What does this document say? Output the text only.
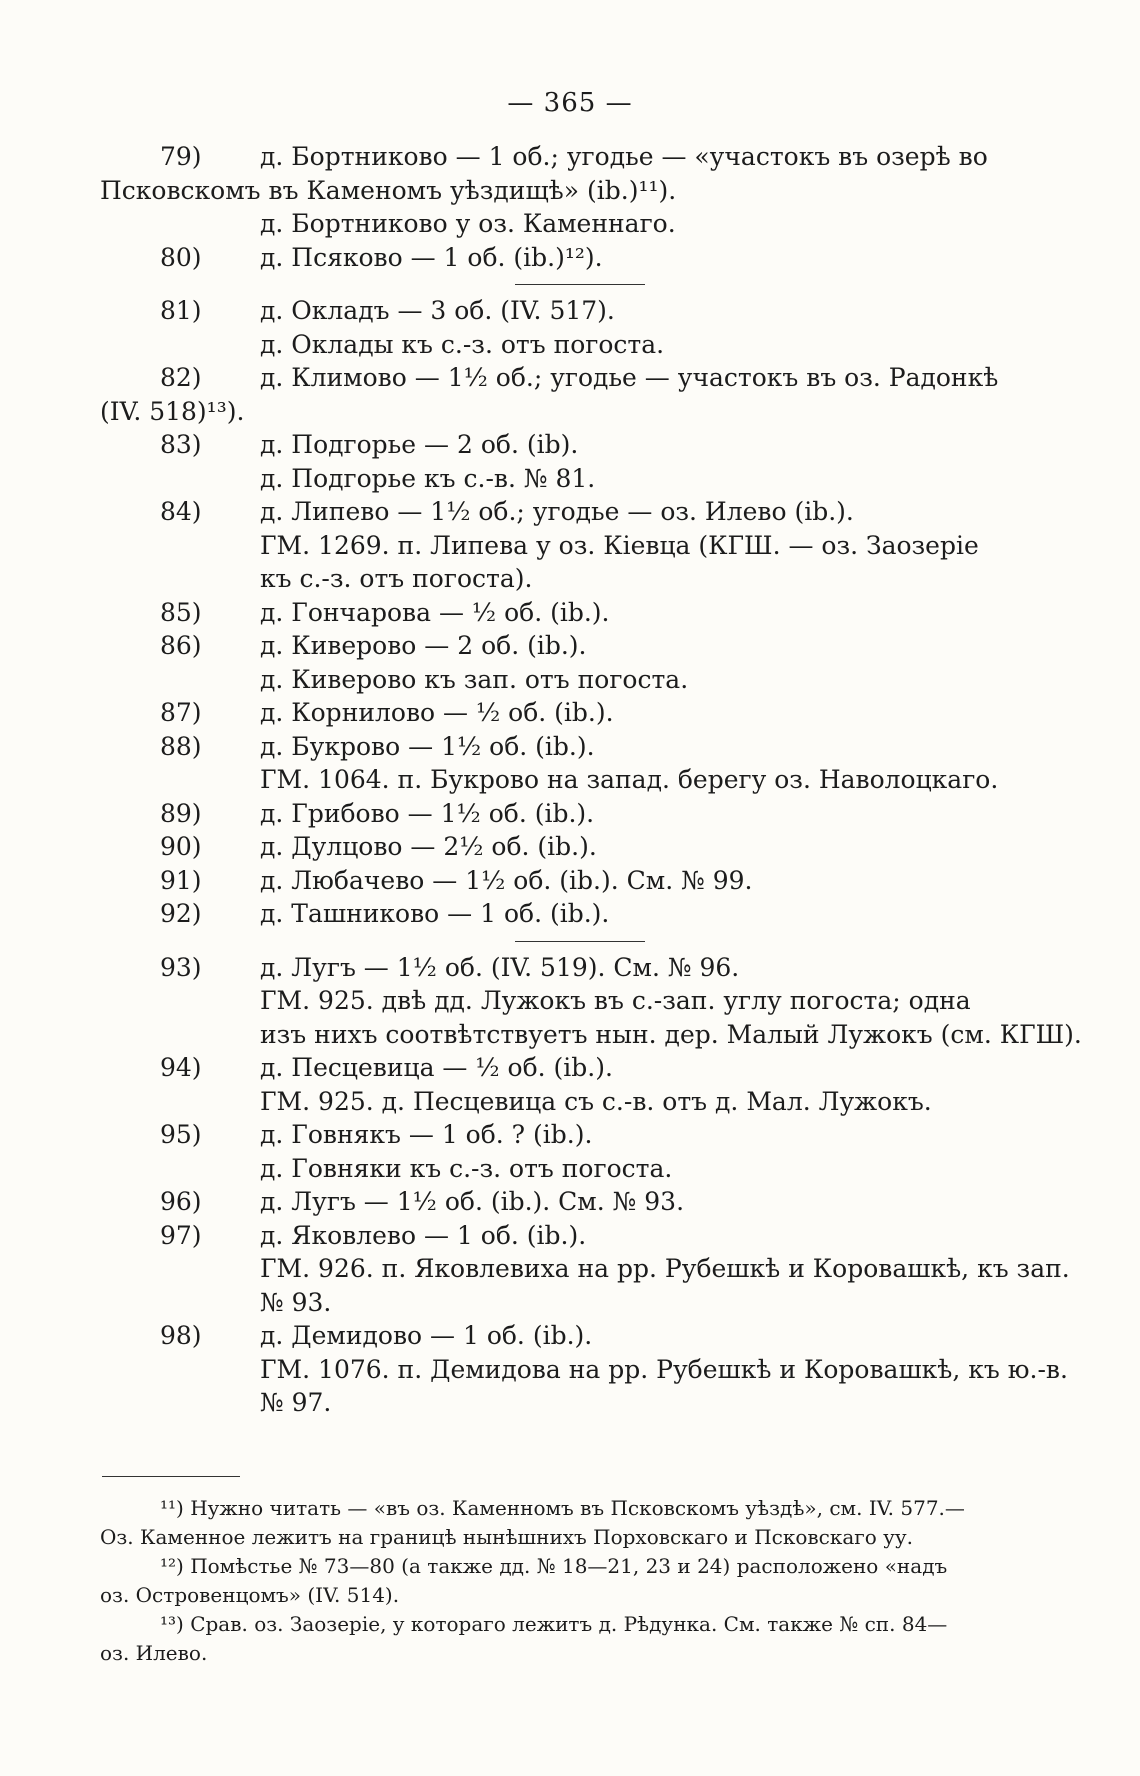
— 365 —
79) д. Бортниково — 1 об.; угодье — «участокъ въ озерѣ во
Псковскомъ въ Каменомъ уѣздищѣ» (ib.)¹¹).
д. Бортниково у оз. Каменнаго.
80) д. Псяково — 1 об. (ib.)¹²).
81) д. Окладъ — 3 об. (IV. 517).
д. Оклады къ с.-з. отъ погоста.
82) д. Климово — 1½ об.; угодье — участокъ въ оз. Радонкѣ
(IV. 518)¹³).
83) д. Подгорье — 2 об. (ib).
д. Подгорье къ с.-в. № 81.
84) д. Липево — 1½ об.; угодье — оз. Илево (ib.).
ГМ. 1269. п. Липева у оз. Кіевца (КГШ. — оз. Заозеріе
къ с.-з. отъ погоста).
85) д. Гончарова — ½ об. (ib.).
86) д. Киверово — 2 об. (ib.).
д. Киверово къ зап. отъ погоста.
87) д. Корнилово — ½ об. (ib.).
88) д. Букрово — 1½ об. (ib.).
ГМ. 1064. п. Букрово на запад. берегу оз. Наволоцкаго.
89) д. Грибово — 1½ об. (ib.).
90) д. Дулцово — 2½ об. (ib.).
91) д. Любачево — 1½ об. (ib.). См. № 99.
92) д. Ташниково — 1 об. (ib.).
93) д. Лугъ — 1½ об. (IV. 519). См. № 96.
ГМ. 925. двѣ дд. Лужокъ въ с.-зап. углу погоста; одна
изъ нихъ соотвѣтствуетъ нын. дер. Малый Лужокъ (см. КГШ).
94) д. Песцевица — ½ об. (ib.).
ГМ. 925. д. Песцевица съ с.-в. отъ д. Мал. Лужокъ.
95) д. Говнякъ — 1 об. ? (ib.).
д. Говняки къ с.-з. отъ погоста.
96) д. Лугъ — 1½ об. (ib.). См. № 93.
97) д. Яковлево — 1 об. (ib.).
ГМ. 926. п. Яковлевиха на рр. Рубешкѣ и Коровашкѣ, къ зап.
№ 93.
98) д. Демидово — 1 об. (ib.).
ГМ. 1076. п. Демидова на рр. Рубешкѣ и Коровашкѣ, къ ю.-в.
№ 97.
¹¹) Нужно читать — «въ оз. Каменномъ въ Псковскомъ уѣздѣ», см. IV. 577.—
Оз. Каменное лежитъ на границѣ нынѣшнихъ Порховскаго и Псковскаго уу.
¹²) Помѣстье № 73—80 (а также дд. № 18—21, 23 и 24) расположено «надъ
оз. Островенцомъ» (IV. 514).
¹³) Срав. оз. Заозеріе, у котораго лежитъ д. Рѣдунка. См. также № сп. 84—
оз. Илево.
